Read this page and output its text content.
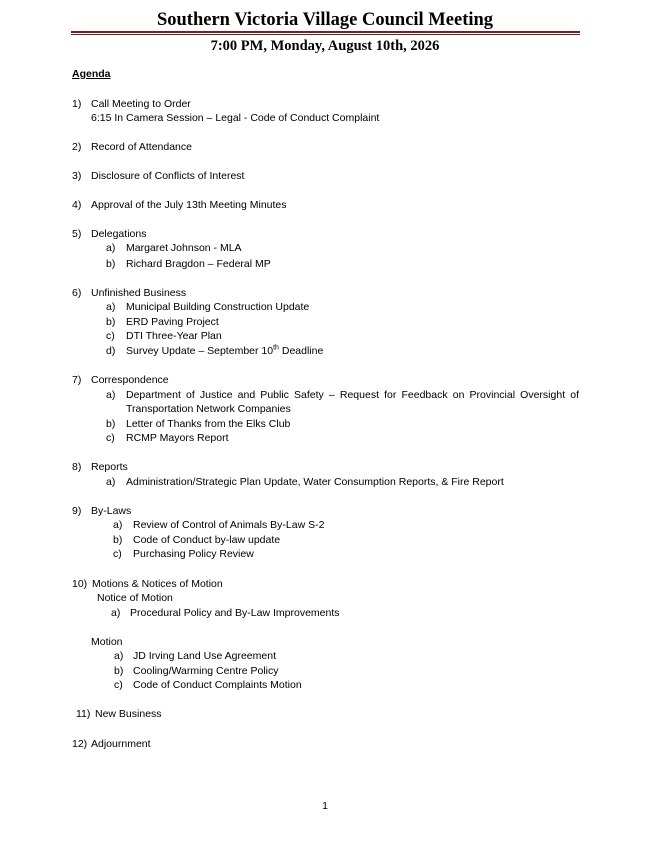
Southern Victoria Village Council Meeting
7:00 PM, Monday, August 10th, 2026
Agenda
1) Call Meeting to Order
6:15 In Camera Session – Legal - Code of Conduct Complaint
2) Record of Attendance
3) Disclosure of Conflicts of Interest
4) Approval of the July 13th Meeting Minutes
5) Delegations
a) Margaret Johnson - MLA
b) Richard Bragdon – Federal MP
6) Unfinished Business
a) Municipal Building Construction Update
b) ERD Paving Project
c) DTI Three-Year Plan
d) Survey Update – September 10th Deadline
7) Correspondence
a) Department of Justice and Public Safety – Request for Feedback on Provincial Oversight of
Transportation Network Companies
b) Letter of Thanks from the Elks Club
c) RCMP Mayors Report
8) Reports
a) Administration/Strategic Plan Update, Water Consumption Reports, & Fire Report
9) By-Laws
a) Review of Control of Animals By-Law S-2
b) Code of Conduct by-law update
c) Purchasing Policy Review
10) Motions & Notices of Motion
Notice of Motion
a) Procedural Policy and By-Law Improvements
Motion
a) JD Irving Land Use Agreement
b) Cooling/Warming Centre Policy
c) Code of Conduct Complaints Motion
11) New Business
12) Adjournment
1
